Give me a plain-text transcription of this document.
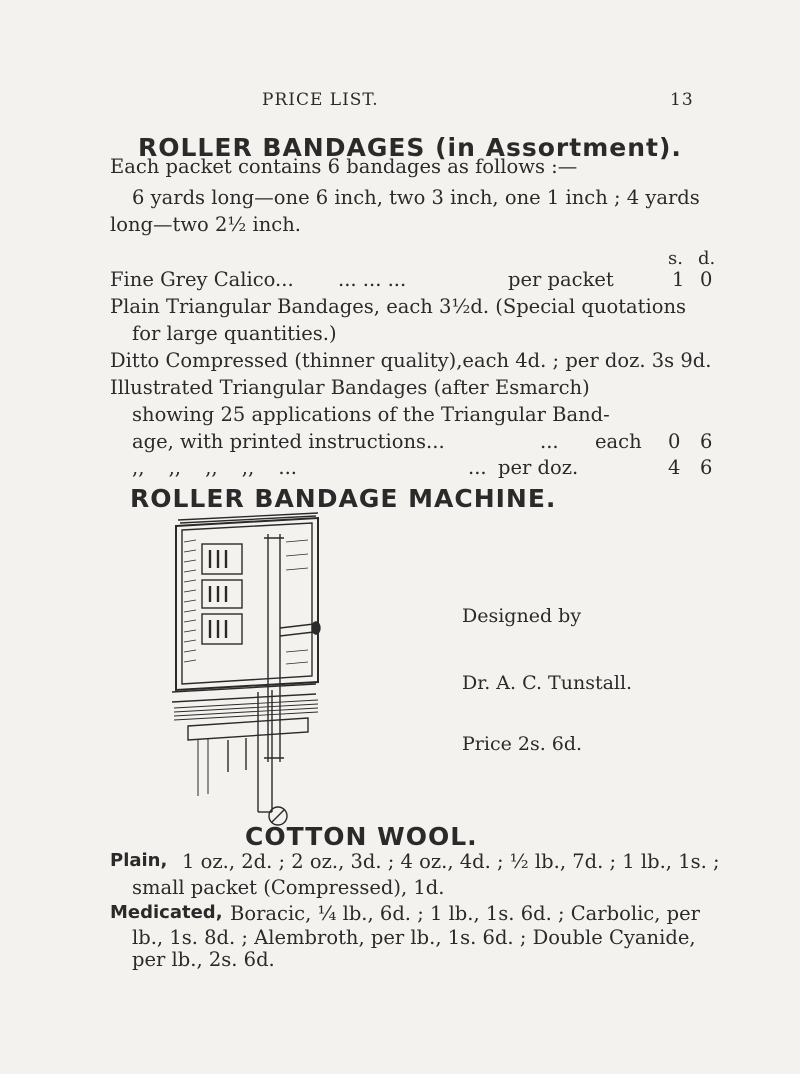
PRICE LIST.	13
ROLLER BANDAGES (in Assortment).
Each packet contains 6 bandages as follows :—
6 yards long—one 6 inch, two 3 inch, one 1 inch ; 4 yards
long—two 2½ inch.
s. d.
Fine Grey Calico... ... ... ...	per packet	1 0
Plain Triangular Bandages, each 3½d. (Special quotations
for large quantities.)
Ditto Compressed (thinner quality),each 4d. ; per doz. 3s 9d.
Illustrated Triangular Bandages (after Esmarch)
showing 25 applications of the Triangular Band-
age, with printed instructions...	... each 0 6
,, ,, ,, ,, ...	... per doz.	4 6
ROLLER BANDAGE MACHINE.
Designed by
Dr. A. C. Tunstall.
Price 2s. 6d.
COTTON WOOL.
Plain, 1 oz., 2d. ; 2 oz., 3d. ; 4 oz., 4d. ; ½ lb., 7d. ; 1 lb., 1s. ;
small packet (Compressed), 1d.
Medicated, Boracic, ¼ lb., 6d. ; 1 lb., 1s. 6d. ; Carbolic, per
lb., 1s. 8d. ; Alembroth, per lb., 1s. 6d. ; Double Cyanide,
per lb., 2s. 6d.
